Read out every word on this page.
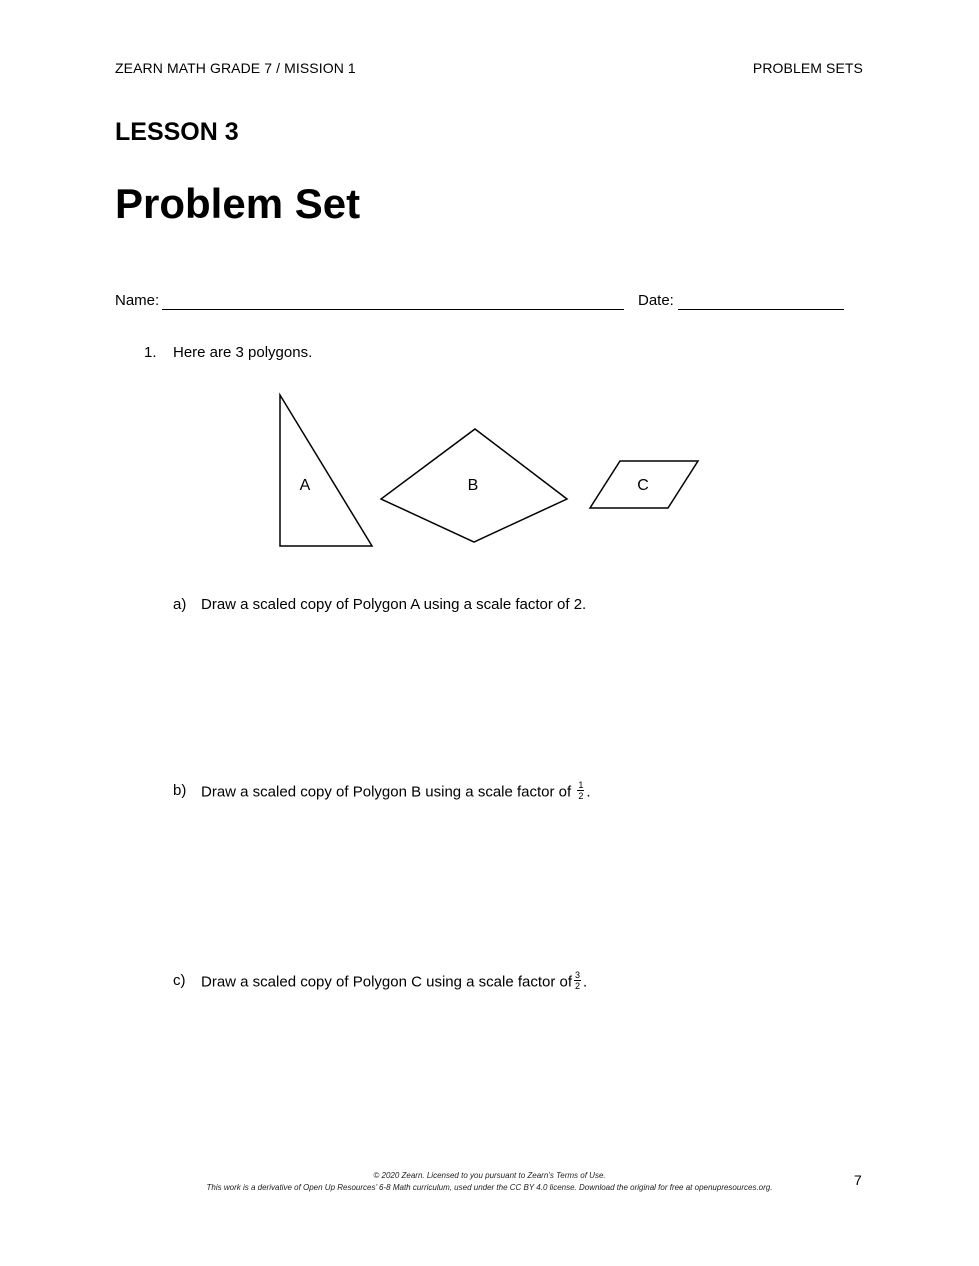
ZEARN MATH GRADE 7 / MISSION 1	PROBLEM SETS
LESSON 3
Problem Set
Name:	Date:
1. Here are 3 polygons.
A	B	C
a) Draw a scaled copy of Polygon A using a scale factor of 2.
b) Draw a scaled copy of Polygon B using a scale factor of $\frac{1}{2}$ .
c) Draw a scaled copy of Polygon C using a scale factor of $\frac{3}{2}$ .
© 2020 Zearn. Licensed to you pursuant to Zearn’s Terms of Use.
This work is a derivative of Open Up Resources’ 6-8 Math curriculum, used under the CC BY 4.0 license. Download the original for free at openupresources.org.	7
